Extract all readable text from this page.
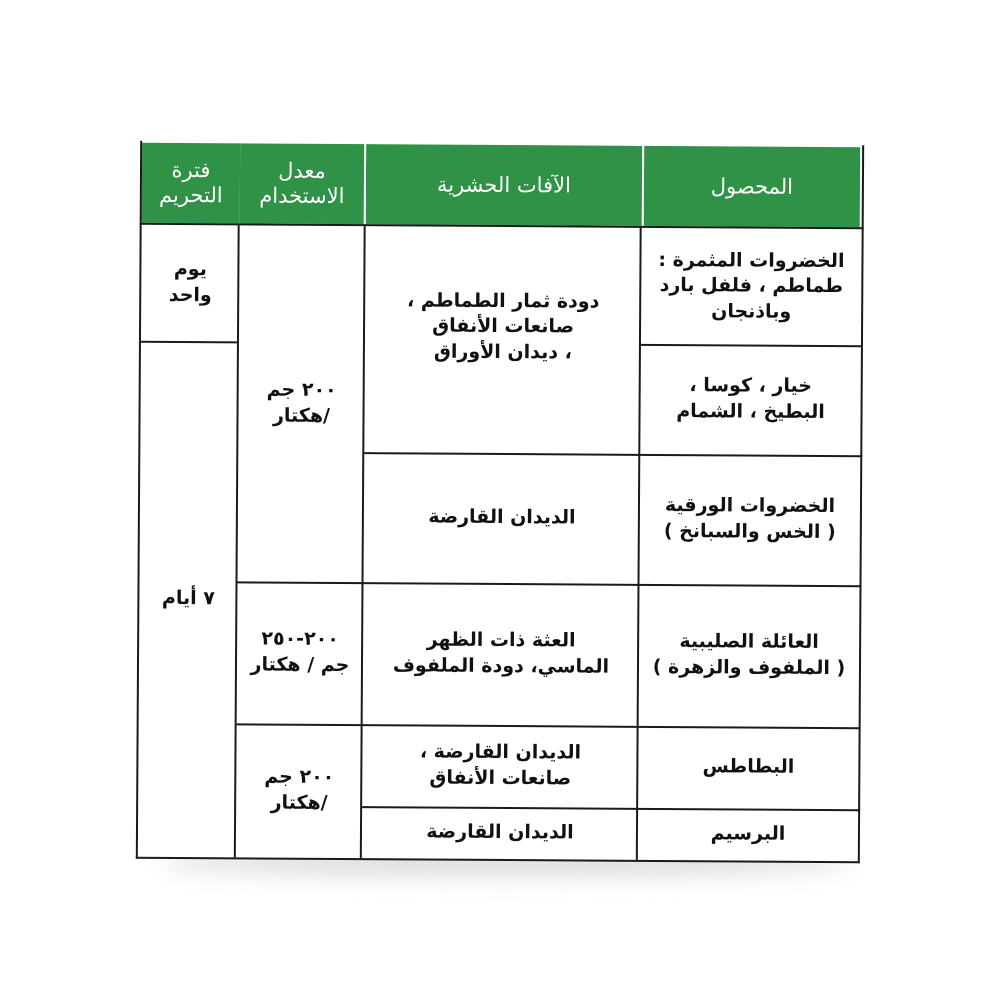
المحصول
الآفات الحشرية
معدل
الاستخدام
فترة
التحريم
الخضروات المثمرة :
طماطم ، فلفل بارد
وباذنجان
خيار ، كوسا ،
البطيخ ، الشمام
الخضروات الورقية
( الخس والسبانخ )
العائلة الصليبية
( الملفوف والزهرة )
البطاطس
البرسيم
دودة ثمار الطماطم ،
صانعات الأنفاق
، ديدان الأوراق
الديدان القارضة
العثة ذات الظهر
الماسي، دودة الملفوف
الديدان القارضة ،
صانعات الأنفاق
الديدان القارضة
٢٠٠ جم
/هكتار
٢٠٠-٢٥٠
جم / هكتار
٢٠٠ جم
/هكتار
يوم واحد
٧ أيام
